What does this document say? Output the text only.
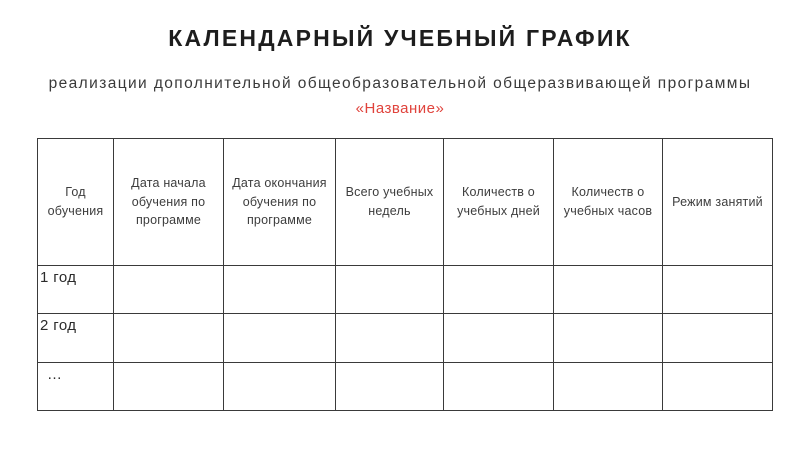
КАЛЕНДАРНЫЙ УЧЕБНЫЙ ГРАФИК
реализации дополнительной общеобразовательной общеразвивающей программы
«Название»
Год обучения	Дата начала обучения по программе	Дата окончания обучения по программе	Всего учебных недель	Количеств о учебных дней	Количеств о учебных часов	Режим занятий
1 год						
2 год						
…						
